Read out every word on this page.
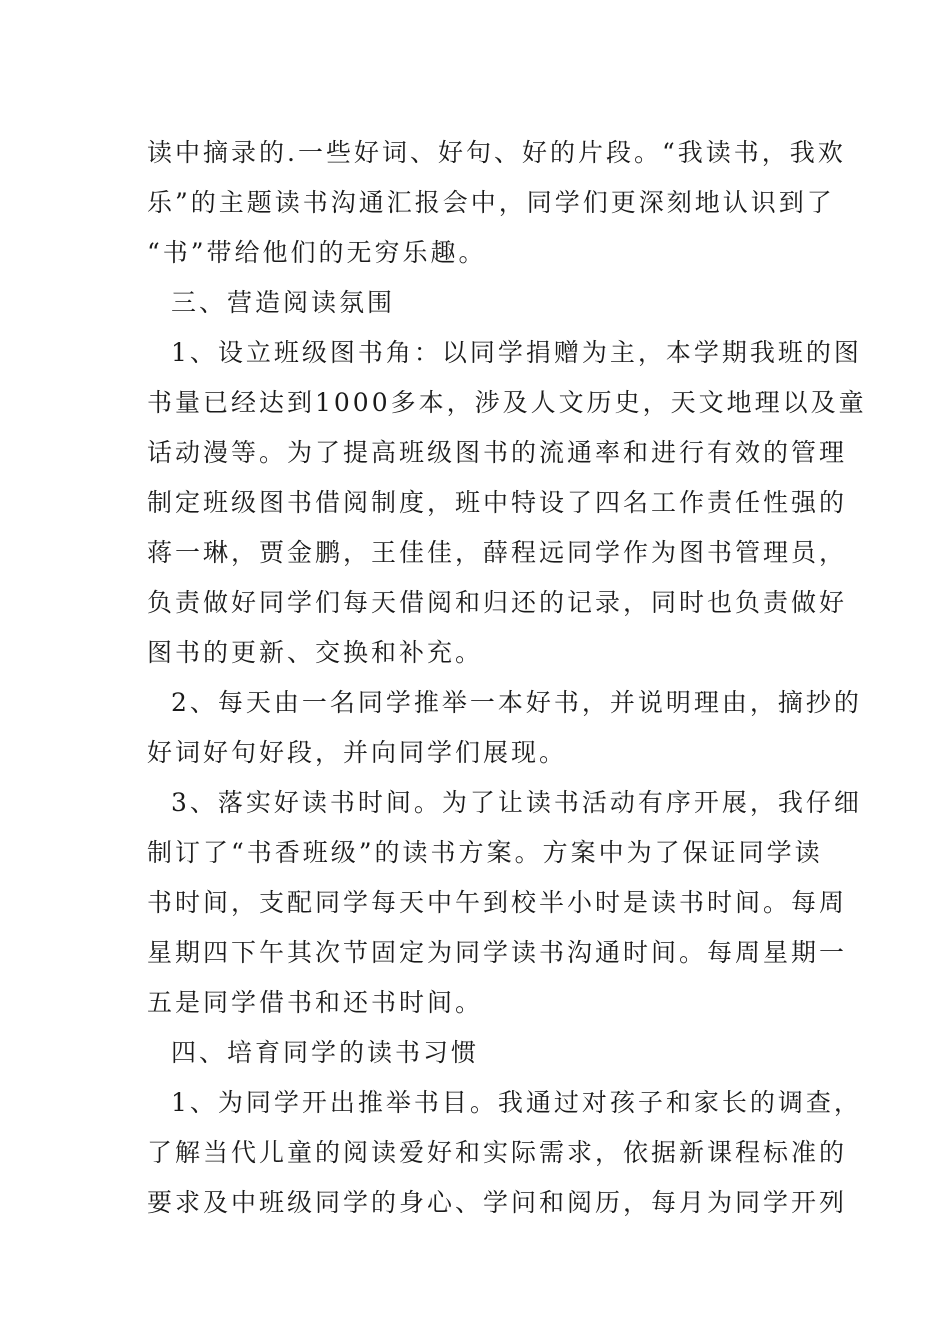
读中摘录的.一些好词、好句、好的片段。“我读书，我欢
乐”的主题读书沟通汇报会中，同学们更深刻地认识到了
“书”带给他们的无穷乐趣。
三、营造阅读氛围
1、设立班级图书角：以同学捐赠为主，本学期我班的图
书量已经达到1000多本，涉及人文历史，天文地理以及童
话动漫等。为了提高班级图书的流通率和进行有效的管理
制定班级图书借阅制度，班中特设了四名工作责任性强的
蒋一琳，贾金鹏，王佳佳，薛程远同学作为图书管理员，
负责做好同学们每天借阅和归还的记录，同时也负责做好
图书的更新、交换和补充。
2、每天由一名同学推举一本好书，并说明理由，摘抄的
好词好句好段，并向同学们展现。
3、落实好读书时间。为了让读书活动有序开展，我仔细
制订了“书香班级”的读书方案。方案中为了保证同学读
书时间，支配同学每天中午到校半小时是读书时间。每周
星期四下午其次节固定为同学读书沟通时间。每周星期一
五是同学借书和还书时间。
四、培育同学的读书习惯
1、为同学开出推举书目。我通过对孩子和家长的调查，
了解当代儿童的阅读爱好和实际需求，依据新课程标准的
要求及中班级同学的身心、学问和阅历，每月为同学开列
